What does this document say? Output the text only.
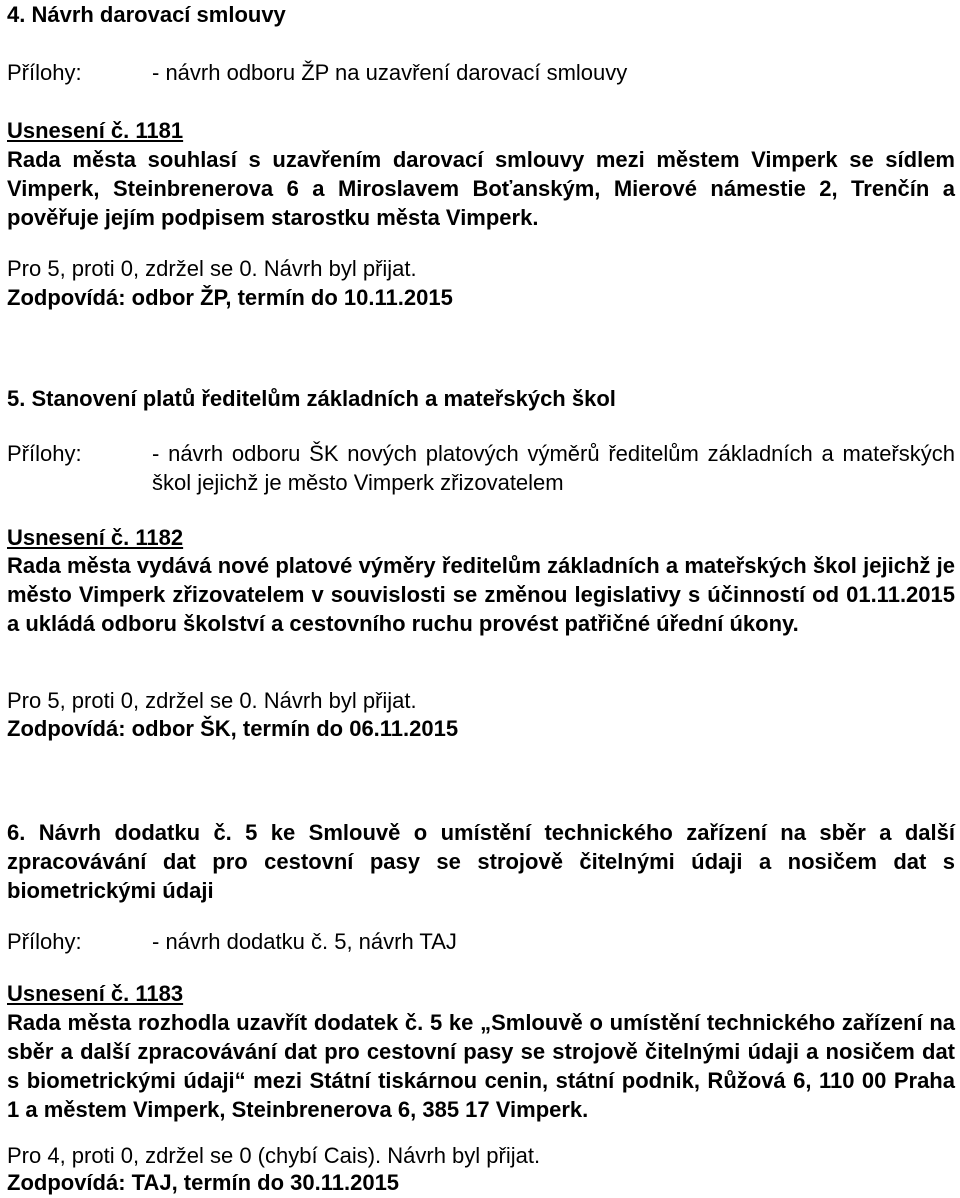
4. Návrh darovací smlouvy
Přílohy:	- návrh odboru ŽP na uzavření darovací smlouvy
Usnesení č. 1181
Rada města souhlasí s uzavřením darovací smlouvy mezi městem Vimperk se sídlem Vimperk, Steinbrenerova 6 a Miroslavem Boťanským, Mierové námestie 2, Trenčín a pověřuje jejím podpisem starostku města Vimperk.
Pro 5, proti 0, zdržel se 0. Návrh byl přijat.
Zodpovídá: odbor ŽP, termín do 10.11.2015
5. Stanovení platů ředitelům základních a mateřských škol
Přílohy:	- návrh odboru ŠK nových platových výměrů ředitelům základních a mateřských škol jejichž je město Vimperk zřizovatelem
Usnesení č. 1182
Rada města vydává nové platové výměry ředitelům základních a mateřských škol jejichž je město Vimperk zřizovatelem v souvislosti se změnou legislativy s účinností od 01.11.2015 a ukládá odboru školství a cestovního ruchu provést patřičné úřední úkony.
Pro 5, proti 0, zdržel se 0. Návrh byl přijat.
Zodpovídá: odbor ŠK, termín do 06.11.2015
6. Návrh dodatku č. 5 ke Smlouvě o umístění technického zařízení na sběr a další zpracovávání dat pro cestovní pasy se strojově čitelnými údaji a nosičem dat s biometrickými údaji
Přílohy:	- návrh dodatku č. 5, návrh TAJ
Usnesení č. 1183
Rada města rozhodla uzavřít dodatek č. 5 ke „Smlouvě o umístění technického zařízení na sběr a další zpracovávání dat pro cestovní pasy se strojově čitelnými údaji a nosičem dat s biometrickými údaji“ mezi Státní tiskárnou cenin, státní podnik, Růžová 6, 110 00 Praha 1 a městem Vimperk, Steinbrenerova 6, 385 17 Vimperk.
Pro 4, proti 0, zdržel se 0 (chybí Cais). Návrh byl přijat.
Zodpovídá: TAJ, termín do 30.11.2015
